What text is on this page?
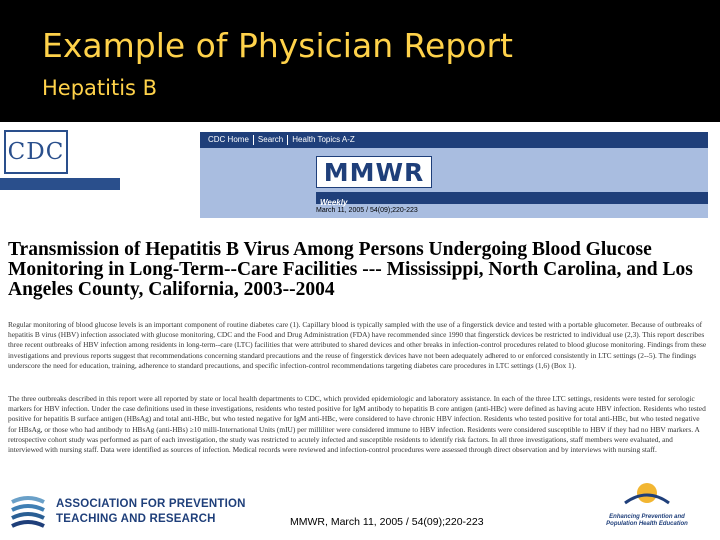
Example of Physician Report
Hepatitis B
CDC	CDC Home	Search	Health Topics A-Z
MMWR
Weekly
March 11, 2005 / 54(09);220-223
Transmission of Hepatitis B Virus Among Persons Undergoing Blood Glucose Monitoring in Long-Term--Care Facilities --- Mississippi, North Carolina, and Los Angeles County, California, 2003--2004

Regular monitoring of blood glucose levels is an important component of routine diabetes care (1). Capillary blood is typically sampled with the use of a fingerstick device and tested with a portable glucometer. Because of outbreaks of hepatitis B virus (HBV) infection associated with glucose monitoring, CDC and the Food and Drug Administration (FDA) have recommended since 1990 that fingerstick devices be restricted to individual use (2,3). This report describes three recent outbreaks of HBV infection among residents in long-term--care (LTC) facilities that were attributed to shared devices and other breaks in infection-control procedures related to blood glucose monitoring. Findings from these investigations and previous reports suggest that recommendations concerning standard precautions and the reuse of fingerstick devices have not been adequately adhered to or enforced consistently in LTC settings (2--5). The findings underscore the need for education, training, adherence to standard precautions, and specific infection-control recommendations targeting diabetes care procedures in LTC settings (1,6) (Box 1).

The three outbreaks described in this report were all reported by state or local health departments to CDC, which provided epidemiologic and laboratory assistance. In each of the three LTC settings, residents were tested for serologic markers for HBV infection. Under the case definitions used in these investigations, residents who tested positive for IgM antibody to hepatitis B core antigen (anti-HBc) were defined as having acute HBV infection. Residents who tested positive for hepatitis B surface antigen (HBsAg) and total anti-HBc, but who tested negative for IgM anti-HBc, were considered to have chronic HBV infection. Residents who tested positive for total anti-HBc, but who tested negative for HBsAg, or those who had antibody to HBsAg (anti-HBs) ≥10 milli-International Units (mIU) per milliliter were considered immune to HBV infection. Residents were considered susceptible to HBV if they had no HBV markers. A retrospective cohort study was performed as part of each investigation, the study was restricted to acutely infected and susceptible residents to identify risk factors. In all three investigations, staff members were evaluated, and interviewed with nursing staff. Data were identified as sources of infection. Medical records were reviewed and infection-control procedures were assessed through direct observation and by interviews with nursing staff.

ASSOCIATION FOR PREVENTION
TEACHING AND RESEARCH	MMWR, March 11, 2005 / 54(09);220-223	Enhancing Prevention and
Population Health Education
